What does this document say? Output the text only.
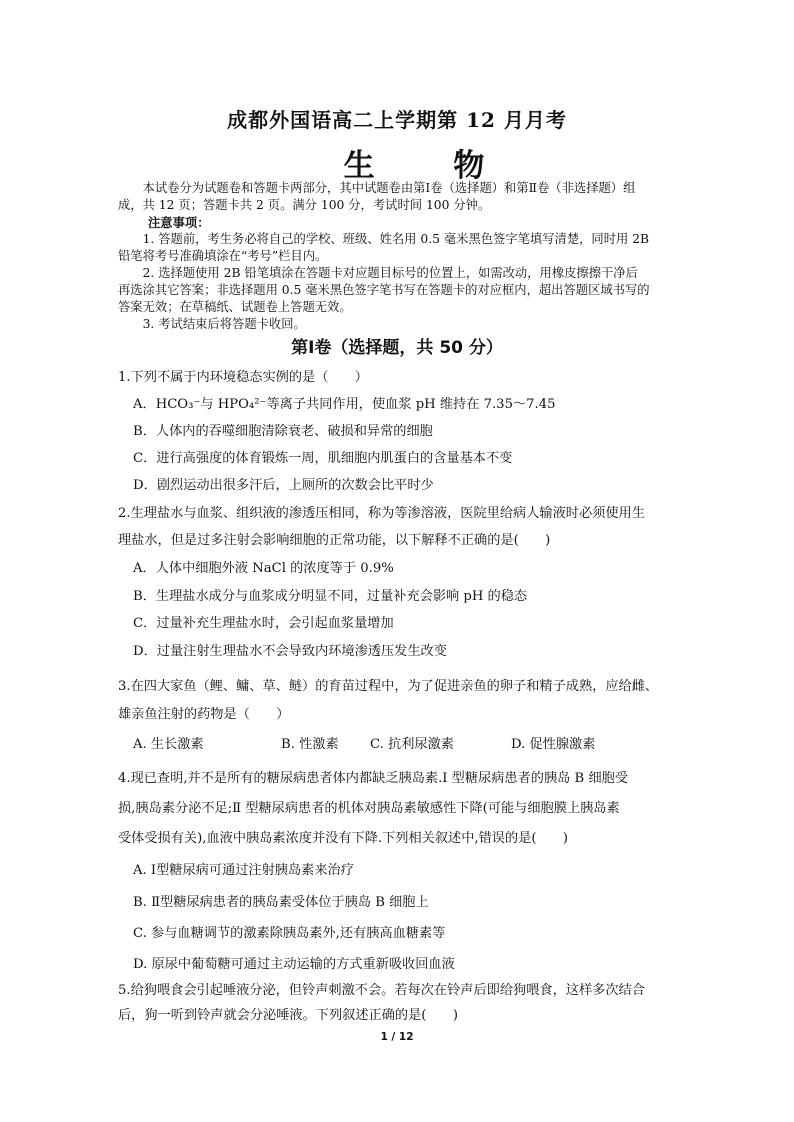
成都外国语高二上学期第 12 月月考
生 物

本试卷分为试题卷和答题卡两部分，其中试题卷由第Ⅰ卷（选择题）和第Ⅱ卷（非选择题）组成，共 12 页；答题卡共 2 页。满分 100 分，考试时间 100 分钟。

注意事项：

1. 答题前，考生务必将自己的学校、班级、姓名用 0.5 毫米黑色签字笔填写清楚，同时用 2B 铅笔将考号准确填涂在“考号”栏目内。

2. 选择题使用 2B 铅笔填涂在答题卡对应题目标号的位置上，如需改动，用橡皮擦擦干净后再选涂其它答案；非选择题用 0.5 毫米黑色签字笔书写在答题卡的对应框内，超出答题区域书写的答案无效；在草稿纸、试题卷上答题无效。

3. 考试结束后将答题卡收回。

第Ⅰ卷（选择题，共 50 分）
1.下列不属于内环境稳态实例的是（　　）
A．HCO₃⁻与 HPO₄²⁻等离子共同作用，使血浆 pH 维持在 7.35～7.45
B．人体内的吞噬细胞清除衰老、破损和异常的细胞
C．进行高强度的体育锻炼一周，肌细胞内肌蛋白的含量基本不变
D．剧烈运动出很多汗后，上厕所的次数会比平时少
2.生理盐水与血浆、组织液的渗透压相同，称为等渗溶液，医院里给病人输液时必须使用生
理盐水，但是过多注射会影响细胞的正常功能，以下解释不正确的是(　　)
A．人体中细胞外液 NaCl 的浓度等于 0.9%
B．生理盐水成分与血浆成分明显不同，过量补充会影响 pH 的稳态
C．过量补充生理盐水时，会引起血浆量增加
D．过量注射生理盐水不会导致内环境渗透压发生改变
3.在四大家鱼（鲤、鳙、草、鲢）的育苗过程中，为了促进亲鱼的卵子和精子成熟，应给雌、
雄亲鱼注射的药物是（　　）
A. 生长激素	B. 性激素 C. 抗利尿激素	D. 促性腺激素
4.现已查明,并不是所有的糖尿病患者体内都缺乏胰岛素.Ⅰ 型糖尿病患者的胰岛 B 细胞受
损,胰岛素分泌不足;Ⅱ 型糖尿病患者的机体对胰岛素敏感性下降(可能与细胞膜上胰岛素
受体受损有关),血液中胰岛素浓度并没有下降.下列相关叙述中,错误的是(　　)
A. Ⅰ型糖尿病可通过注射胰岛素来治疗
B. Ⅱ型糖尿病患者的胰岛素受体位于胰岛 B 细胞上
C. 参与血糖调节的激素除胰岛素外,还有胰高血糖素等
D. 原尿中葡萄糖可通过主动运输的方式重新吸收回血液
5.给狗喂食会引起唾液分泌，但铃声刺激不会。若每次在铃声后即给狗喂食，这样多次结合
后，狗一听到铃声就会分泌唾液。下列叙述正确的是(　　)
1 / 12
